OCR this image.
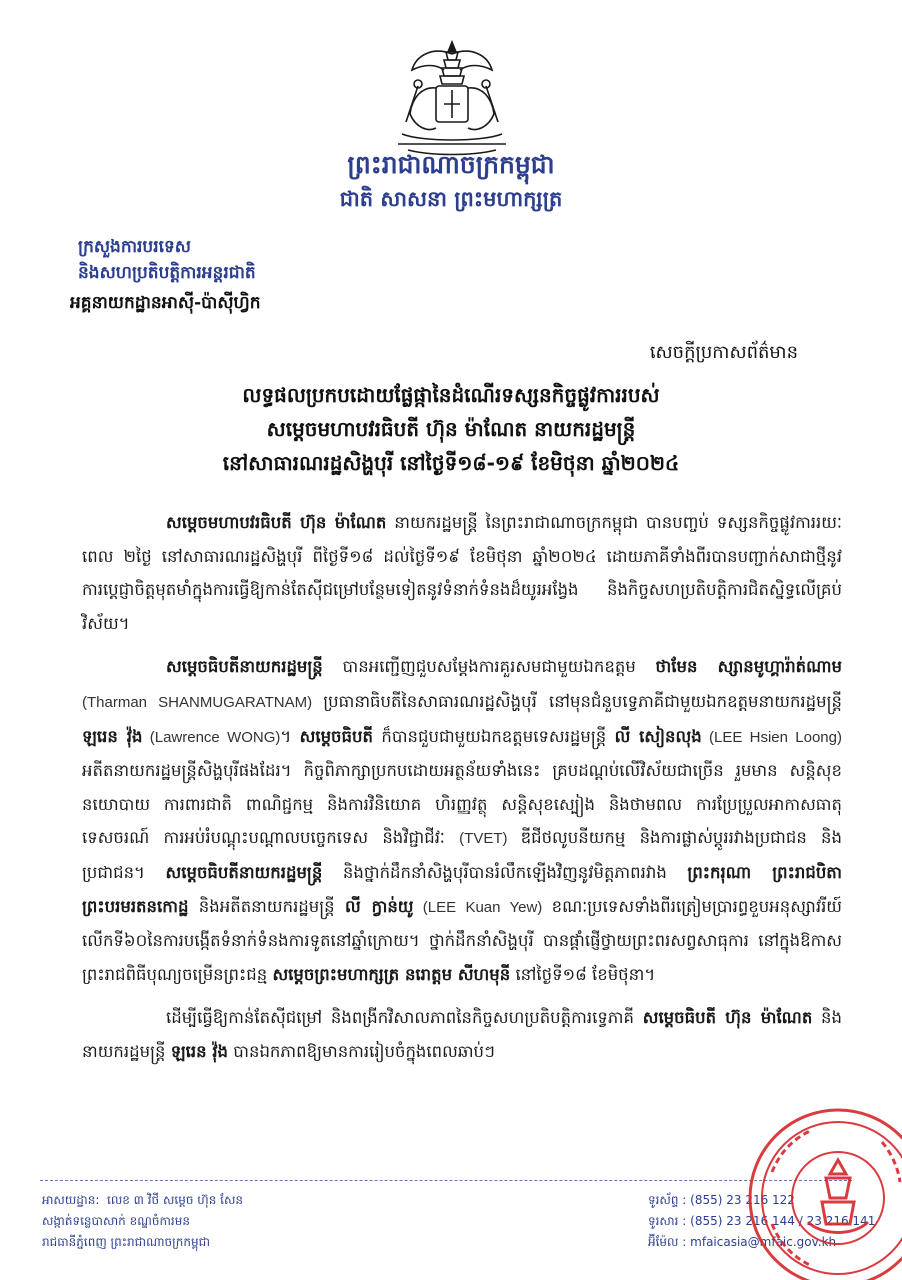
ព្រះរាជាណាចក្រកម្ពុជា
ជាតិ សាសនា ព្រះមហាក្សត្រ
ក្រសួងការបរទេស
និងសហប្រតិបត្តិការអន្តរជាតិ
អគ្គនាយកដ្ឋានអាស៊ី-ប៉ាស៊ីហ្វិក
សេចក្តីប្រកាសព័ត៌មាន
លទ្ធផលប្រកបដោយផ្លែផ្កានៃដំណើរទស្សនកិច្ចផ្លូវការរបស់
សម្តេចមហាបវរធិបតី ហ៊ុន ម៉ាណែត នាយករដ្ឋមន្ត្រី
នៅសាធារណរដ្ឋសិង្ហបុរី នៅថ្ងៃទី១៨-១៩ ខែមិថុនា ឆ្នាំ២០២៤

សម្តេចមហាបវរធិបតី ហ៊ុន ម៉ាណែត នាយករដ្ឋមន្ត្រី នៃព្រះរាជាណាចក្រកម្ពុជា បានបញ្ចប់ ទស្សនកិច្ចផ្លូវការរយៈពេល ២ថ្ងៃ នៅសាធារណរដ្ឋសិង្ហបុរី ពីថ្ងៃទី១៨ ដល់ថ្ងៃទី១៩ ខែមិថុនា ឆ្នាំ២០២៤ ដោយភាគីទាំងពីរបានបញ្ជាក់សាជាថ្មីនូវការប្តេជ្ញាចិត្តមុតមាំក្នុងការធ្វើឱ្យកាន់តែស៊ីជម្រៅបន្ថែមទៀតនូវទំនាក់ទំនងដ៏យូរអង្វែង និងកិច្ចសហប្រតិបត្តិការជិតស្និទ្ធលើគ្រប់វិស័យ។

សម្តេចធិបតីនាយករដ្ឋមន្ត្រី បានអញ្ជើញជួបសម្តែងការគួរសមជាមួយឯកឧត្តម ថាមែន ស្សានមូហ្គារ៉ាត់ណាម (Tharman SHANMUGARATNAM) ប្រធានាធិបតីនៃសាធារណរដ្ឋសិង្ហបុរី នៅមុនជំនួបទ្វេភាគីជាមួយឯកឧត្តមនាយករដ្ឋមន្ត្រី ឡរេន វ៉ុង (Lawrence WONG)។ សម្តេចធិបតី ក៏បានជួបជាមួយឯកឧត្តមទេសរដ្ឋមន្ត្រី លី សៀនលុង (LEE Hsien Loong) អតីតនាយករដ្ឋមន្ត្រីសិង្ហបុរីផងដែរ។ កិច្ចពិភាក្សាប្រកបដោយអត្ថន័យទាំងនេះ គ្របដណ្តប់លើវិស័យជាច្រើន រួមមាន សន្តិសុខនយោបាយ ការពារជាតិ ពាណិជ្ជកម្ម និងការវិនិយោគ ហិរញ្ញវត្ថុ សន្តិសុខស្បៀង និងថាមពល ការប្រែប្រួលអាកាសធាតុ ទេសចរណ៍ ការអប់រំបណ្តុះបណ្តាលបច្ចេកទេស និងវិជ្ជាជីវៈ (TVET) ឌីជីថលូបនីយកម្ម និងការផ្លាស់ប្តូររវាងប្រជាជន និងប្រជាជន។ សម្តេចធិបតីនាយករដ្ឋមន្ត្រី និងថ្នាក់ដឹកនាំសិង្ហបុរីបានរំលឹកឡើងវិញនូវមិត្តភាពរវាង ព្រះករុណា ព្រះរាជបិតា ព្រះបរមរតនកោដ្ឋ និងអតីតនាយករដ្ឋមន្ត្រី លី ក្វាន់យូ (LEE Kuan Yew) ខណៈប្រទេសទាំងពីរត្រៀមប្រារព្ធខួបអនុស្សាវរីយ៍លើកទី៦០នៃការបង្កើតទំនាក់ទំនងការទូតនៅឆ្នាំក្រោយ។ ថ្នាក់ដឹកនាំសិង្ហបុរី បានផ្តាំផ្ញើថ្វាយព្រះពរសព្វសាធុការ នៅក្នុងឱកាសព្រះរាជពិធីបុណ្យចម្រើនព្រះជន្ម សម្តេចព្រះមហាក្សត្រ នរោត្តម សីហមុនី នៅថ្ងៃទី១៨ ខែមិថុនា។

ដើម្បីធ្វើឱ្យកាន់តែស៊ីជម្រៅ និងពង្រីកវិសាលភាពនៃកិច្ចសហប្រតិបត្តិការទ្វេភាគី សម្តេចធិបតី ហ៊ុន ម៉ាណែត និងនាយករដ្ឋមន្ត្រី ឡរេន វ៉ុង បានឯកភាពឱ្យមានការរៀបចំក្នុងពេលឆាប់ៗ

អាសយដ្ឋាន: លេខ ៣ វិថី សម្តេច ហ៊ុន សែន
សង្កាត់ទន្លេបាសាក់ ខណ្ឌចំការមន
រាជធានីភ្នំពេញ ព្រះរាជាណាចក្រកម្ពុជា
ទូរស័ព្ទ : (855) 23 216 122
ទូរសារ : (855) 23 216 144 / 23 216 141
អ៊ីម៉ែល : mfaicasia@mfaic.gov.kh
